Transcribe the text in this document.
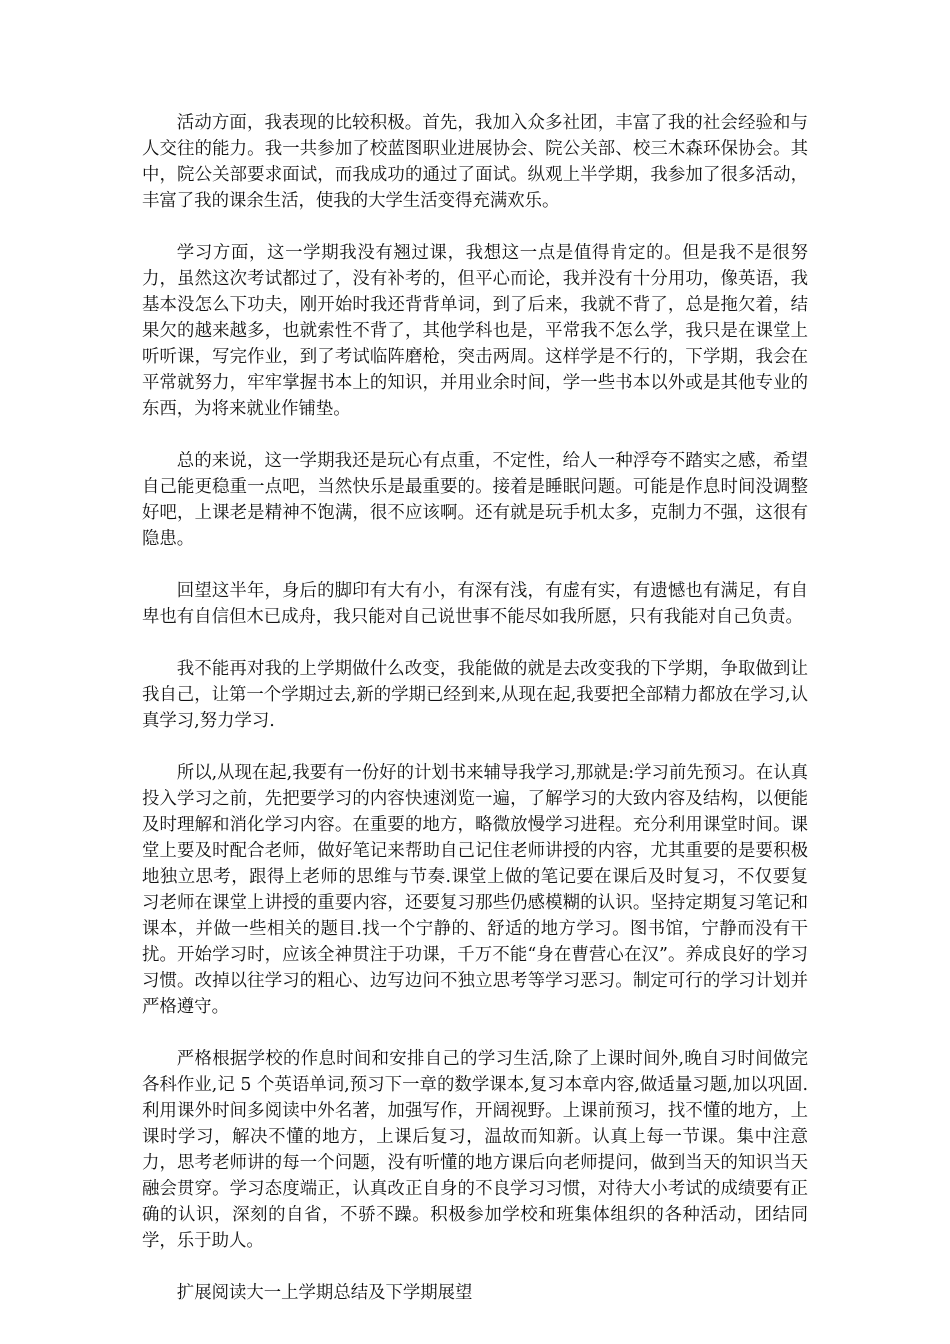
活动方面，我表现的比较积极。首先，我加入众多社团，丰富了我的社会经验和与人交往的能力。我一共参加了校蓝图职业进展协会、院公关部、校三木森环保协会。其中，院公关部要求面试，而我成功的通过了面试。纵观上半学期，我参加了很多活动，丰富了我的课余生活，使我的大学生活变得充满欢乐。

学习方面，这一学期我没有翘过课，我想这一点是值得肯定的。但是我不是很努力，虽然这次考试都过了，没有补考的，但平心而论，我并没有十分用功，像英语，我基本没怎么下功夫，刚开始时我还背背单词，到了后来，我就不背了，总是拖欠着，结果欠的越来越多，也就索性不背了，其他学科也是，平常我不怎么学，我只是在课堂上听听课，写完作业，到了考试临阵磨枪，突击两周。这样学是不行的，下学期，我会在平常就努力，牢牢掌握书本上的知识，并用业余时间，学一些书本以外或是其他专业的东西，为将来就业作铺垫。

总的来说，这一学期我还是玩心有点重，不定性，给人一种浮夸不踏实之感，希望自己能更稳重一点吧，当然快乐是最重要的。接着是睡眠问题。可能是作息时间没调整好吧，上课老是精神不饱满，很不应该啊。还有就是玩手机太多，克制力不强，这很有隐患。

回望这半年，身后的脚印有大有小，有深有浅，有虚有实，有遗憾也有满足，有自卑也有自信但木已成舟，我只能对自己说世事不能尽如我所愿，只有我能对自己负责。

我不能再对我的上学期做什么改变，我能做的就是去改变我的下学期，争取做到让我自己，让第一个学期过去,新的学期已经到来,从现在起,我要把全部精力都放在学习,认真学习,努力学习.

所以,从现在起,我要有一份好的计划书来辅导我学习,那就是:学习前先预习。在认真投入学习之前，先把要学习的内容快速浏览一遍，了解学习的大致内容及结构，以便能及时理解和消化学习内容。在重要的地方，略微放慢学习进程。充分利用课堂时间。课堂上要及时配合老师，做好笔记来帮助自己记住老师讲授的内容，尤其重要的是要积极地独立思考，跟得上老师的思维与节奏.课堂上做的笔记要在课后及时复习，不仅要复习老师在课堂上讲授的重要内容，还要复习那些仍感模糊的认识。坚持定期复习笔记和课本，并做一些相关的题目.找一个宁静的、舒适的地方学习。图书馆，宁静而没有干扰。开始学习时，应该全神贯注于功课，千万不能“身在曹营心在汉”。养成良好的学习习惯。改掉以往学习的粗心、边写边问不独立思考等学习恶习。制定可行的学习计划并严格遵守。

严格根据学校的作息时间和安排自己的学习生活,除了上课时间外,晚自习时间做完各科作业,记 5 个英语单词,预习下一章的数学课本,复习本章内容,做适量习题,加以巩固.利用课外时间多阅读中外名著，加强写作，开阔视野。上课前预习，找不懂的地方，上课时学习，解决不懂的地方，上课后复习，温故而知新。认真上每一节课。集中注意力，思考老师讲的每一个问题，没有听懂的地方课后向老师提问，做到当天的知识当天融会贯穿。学习态度端正，认真改正自身的不良学习习惯，对待大小考试的成绩要有正确的认识，深刻的自省，不骄不躁。积极参加学校和班集体组织的各种活动，团结同学，乐于助人。

扩展阅读大一上学期总结及下学期展望
